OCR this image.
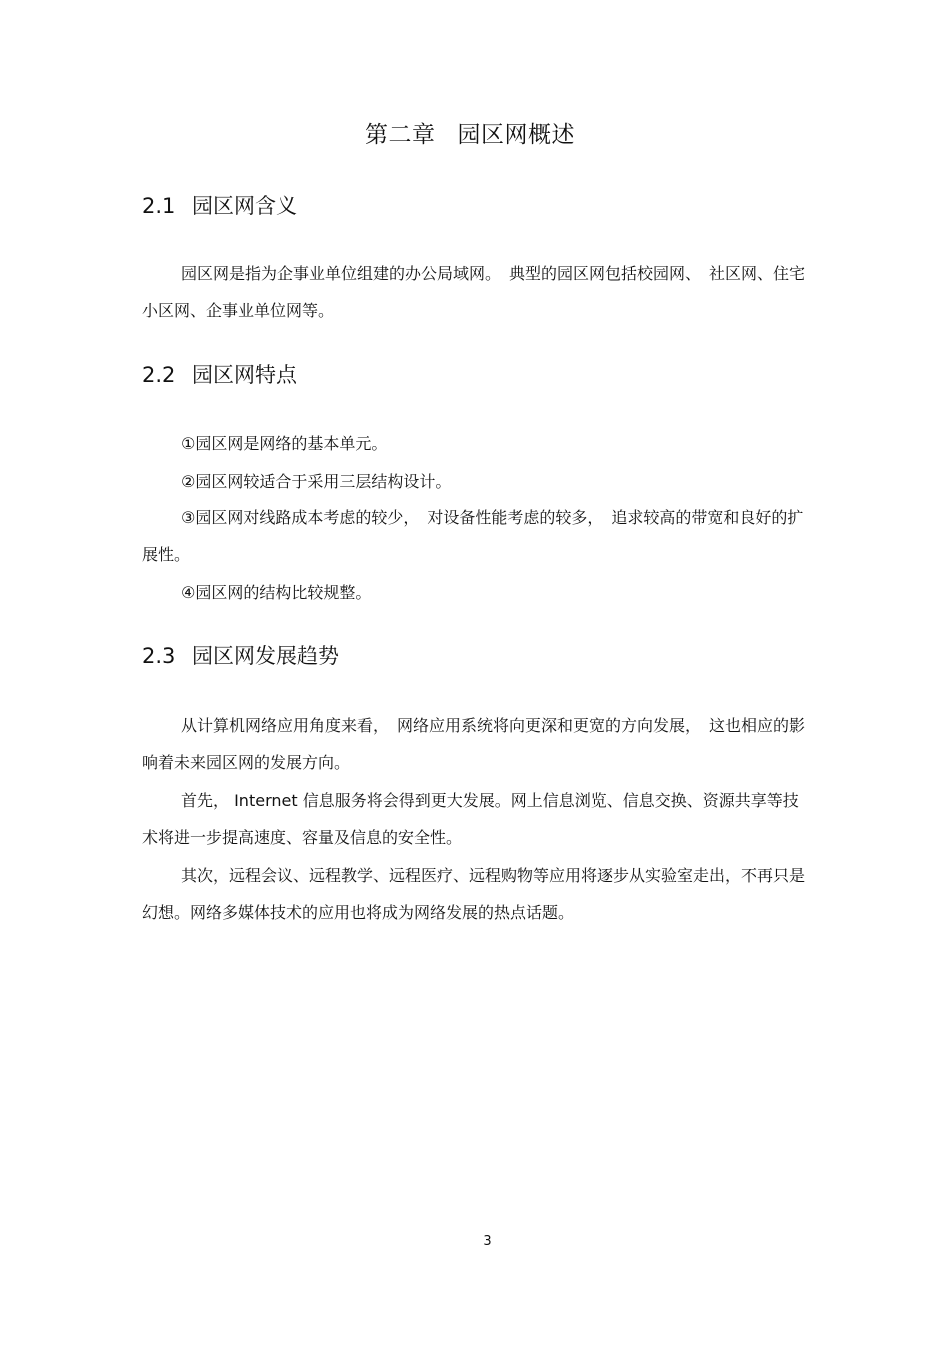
第二章 园区网概述
2.1 园区网含义
园区网是指为企事业单位组建的办公局域网。　典型的园区网包括校园网、　社区网、住宅小区网、企事业单位网等。
2.2 园区网特点
①园区网是网络的基本单元。
②园区网较适合于采用三层结构设计。
③园区网对线路成本考虑的较少，　对设备性能考虑的较多，　追求较高的带宽和良好的扩展性。
④园区网的结构比较规整。
2.3 园区网发展趋势
从计算机网络应用角度来看，　网络应用系统将向更深和更宽的方向发展，　这也相应的影响着未来园区网的发展方向。
首先， Internet 信息服务将会得到更大发展。网上信息浏览、信息交换、资源共享等技术将进一步提高速度、容量及信息的安全性。
其次，远程会议、远程教学、远程医疗、远程购物等应用将逐步从实验室走出，不再只是幻想。网络多媒体技术的应用也将成为网络发展的热点话题。
3
